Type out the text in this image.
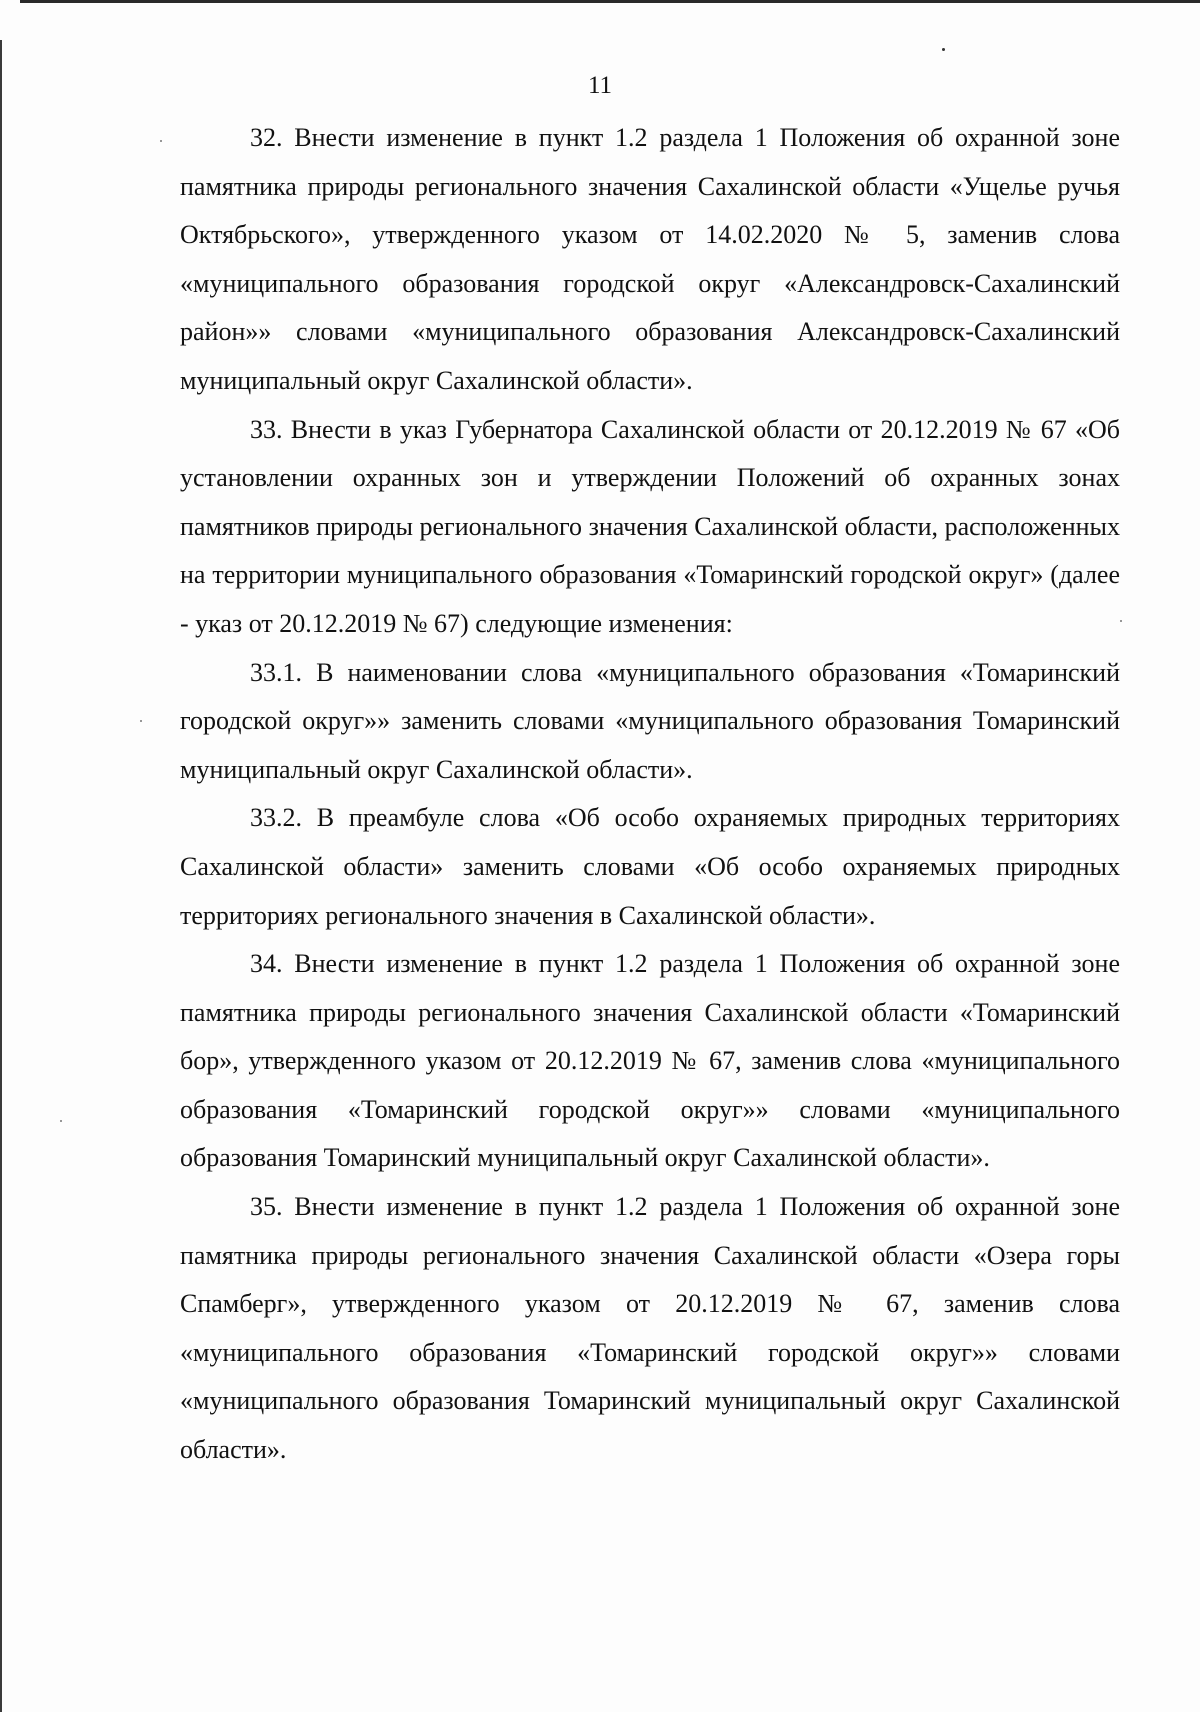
11

32. Внести изменение в пункт 1.2 раздела 1 Положения об охранной зоне памятника природы регионального значения Сахалинской области «Ущелье ручья Октябрьского», утвержденного указом от 14.02.2020 № 5, заменив слова «муниципального образования городской округ «Александровск-Сахалинский район»» словами «муниципального образования Александровск-Сахалинский муниципальный округ Сахалинской области».

33. Внести в указ Губернатора Сахалинской области от 20.12.2019 № 67 «Об установлении охранных зон и утверждении Положений об охранных зонах памятников природы регионального значения Сахалинской области, расположенных на территории муниципального образования «Томаринский городской округ» (далее - указ от 20.12.2019 № 67) следующие изменения:

33.1. В наименовании слова «муниципального образования «Томаринский городской округ»» заменить словами «муниципального образования Томаринский муниципальный округ Сахалинской области».

33.2. В преамбуле слова «Об особо охраняемых природных территориях Сахалинской области» заменить словами «Об особо охраняемых природных территориях регионального значения в Сахалинской области».

34. Внести изменение в пункт 1.2 раздела 1 Положения об охранной зоне памятника природы регионального значения Сахалинской области «Томаринский бор», утвержденного указом от 20.12.2019 № 67, заменив слова «муниципального образования «Томаринский городской округ»» словами «муниципального образования Томаринский муниципальный округ Сахалинской области».

35. Внести изменение в пункт 1.2 раздела 1 Положения об охранной зоне памятника природы регионального значения Сахалинской области «Озера горы Спамберг», утвержденного указом от 20.12.2019 № 67, заменив слова «муниципального образования «Томаринский городской округ»» словами «муниципального образования Томаринский муниципальный округ Сахалинской области».
